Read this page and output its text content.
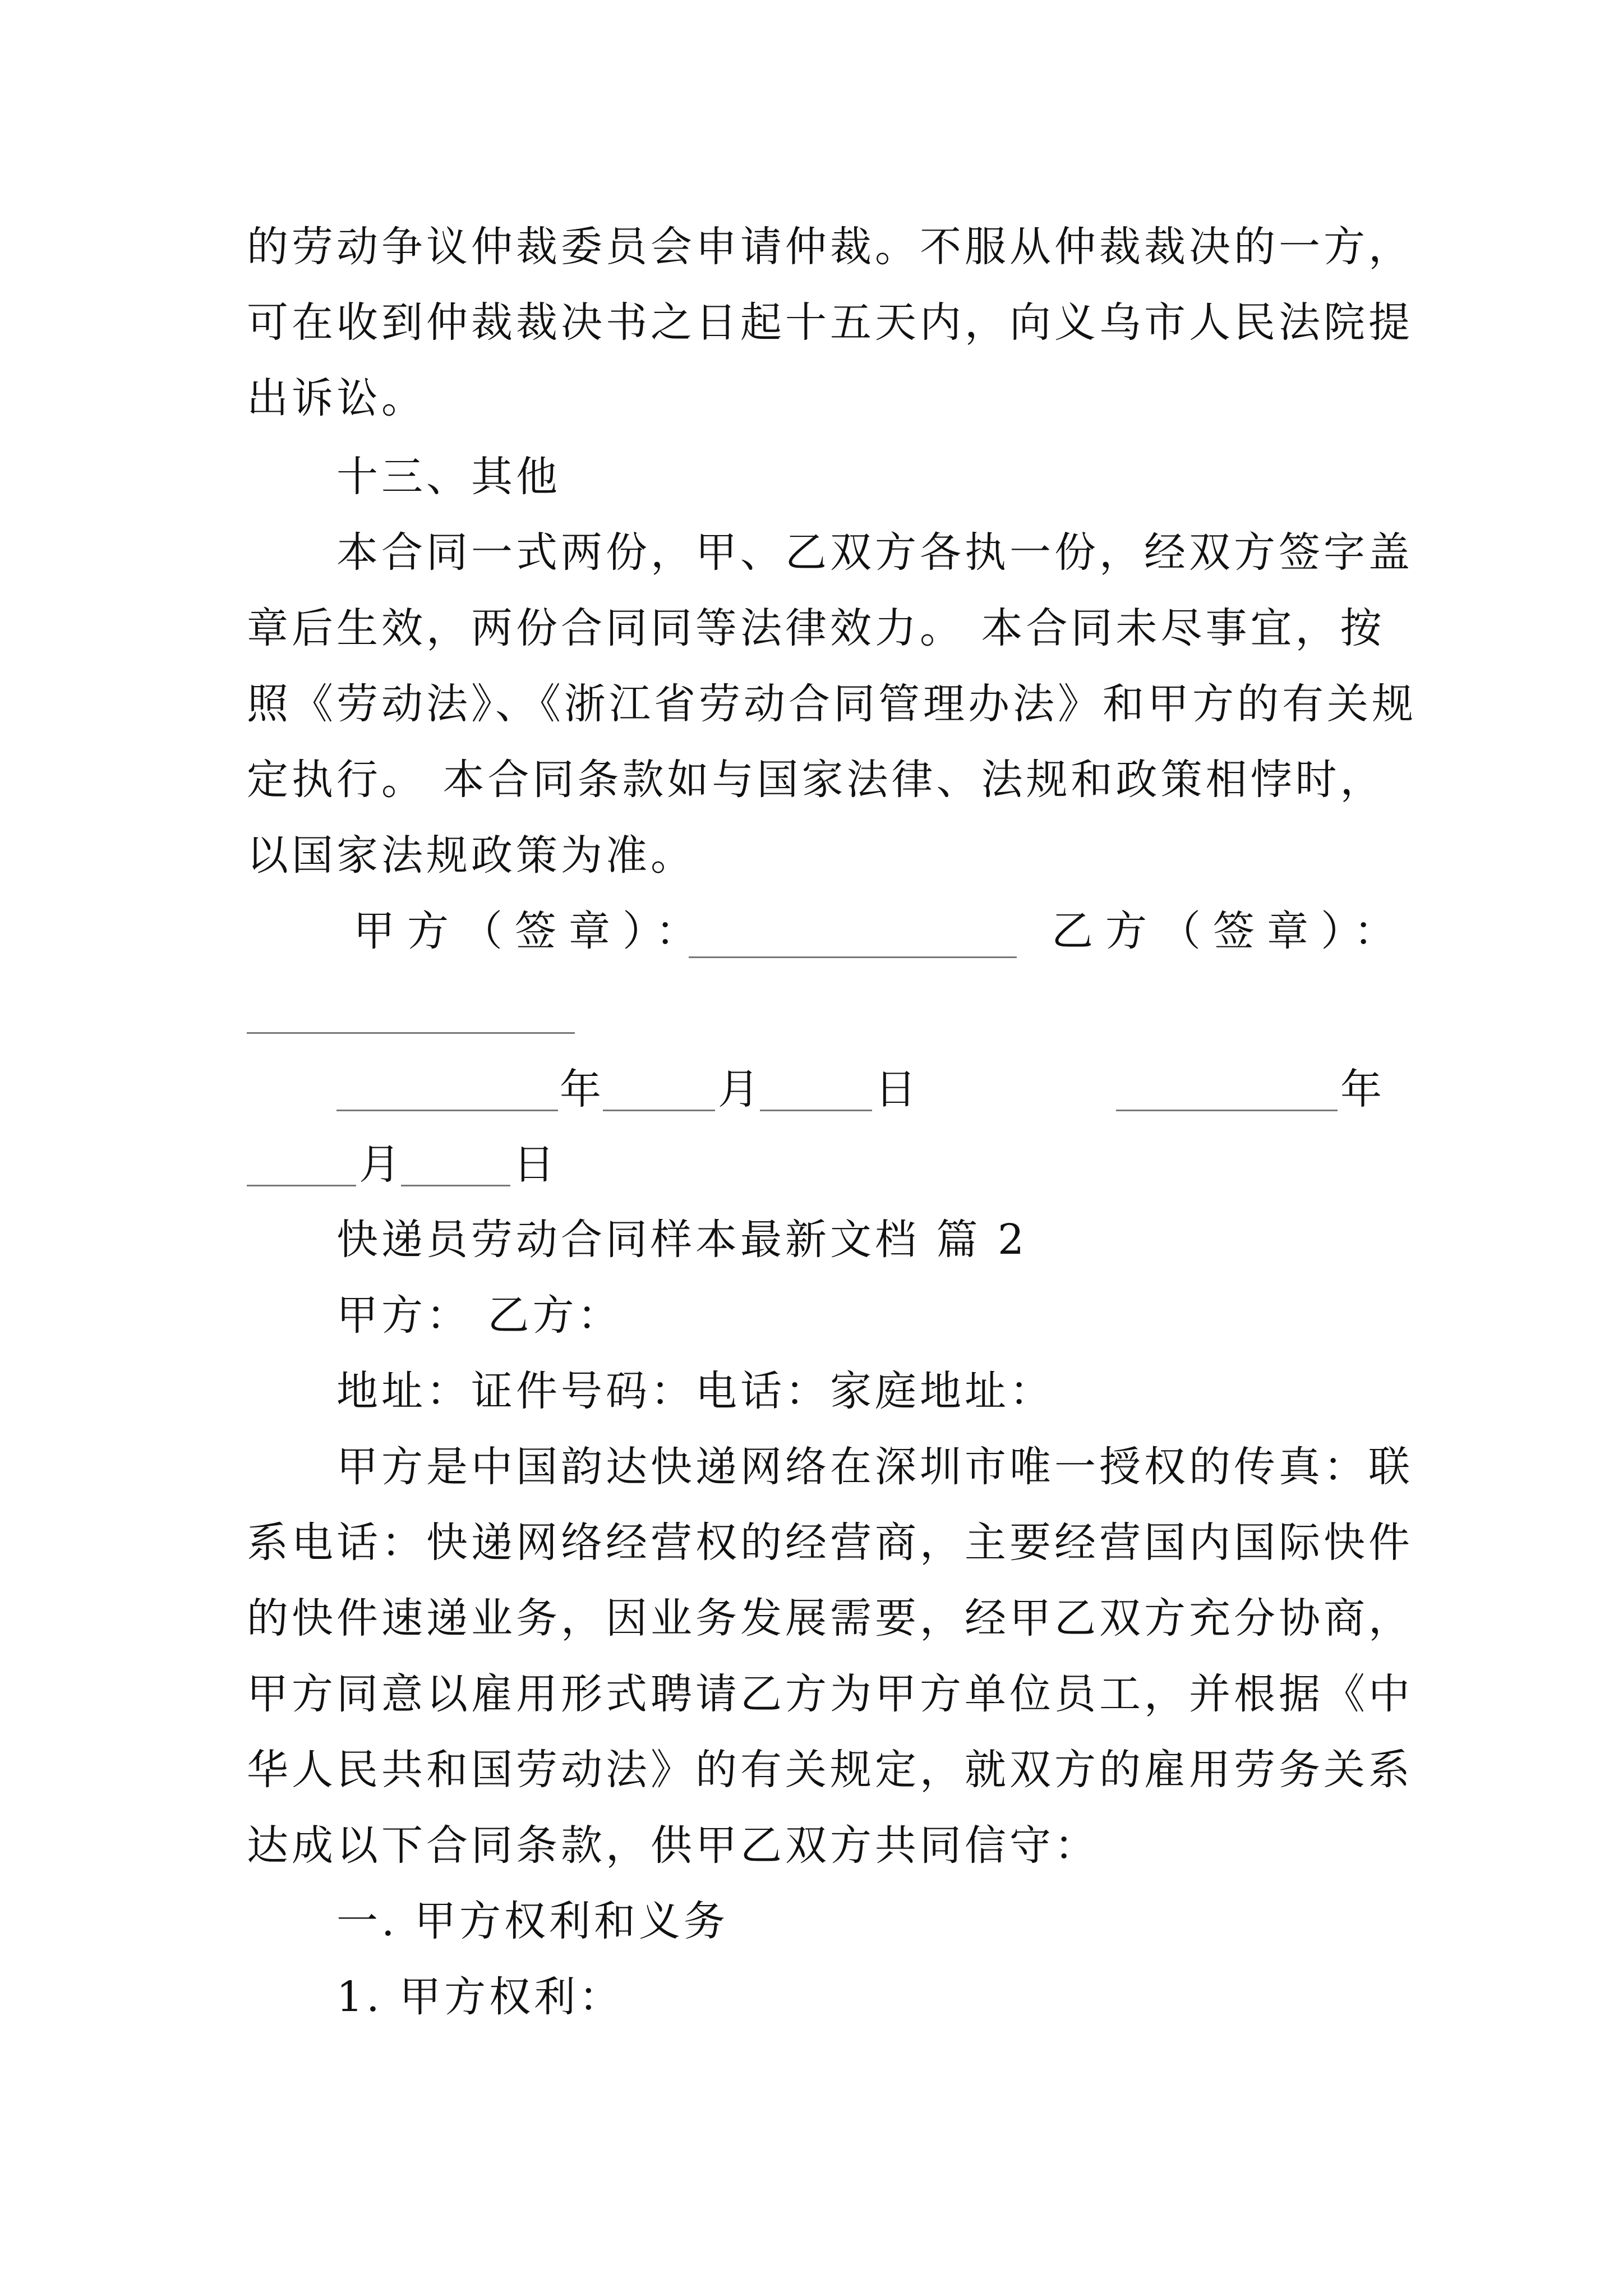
的劳动争议仲裁委员会申请仲裁。不服从仲裁裁决的一方，
可在收到仲裁裁决书之日起十五天内，向义乌市人民法院提
出诉讼。
十三、其他
本合同一式两份，甲、乙双方各执一份，经双方签字盖
章后生效，两份合同同等法律效力。 本合同未尽事宜，按
照《劳动法》、《浙江省劳动合同管理办法》和甲方的有关规
定执行。 本合同条款如与国家法律、法规和政策相悖时，
以国家法规政策为准。
甲方（签章）：	乙方（签章）：
年	月	日	年
月	日
快递员劳动合同样本最新文档 篇 2
甲方： 乙方：
地址：证件号码：电话：家庭地址：
甲方是中国韵达快递网络在深圳市唯一授权的传真：联
系电话：快递网络经营权的经营商，主要经营国内国际快件
的快件速递业务，因业务发展需要，经甲乙双方充分协商，
甲方同意以雇用形式聘请乙方为甲方单位员工，并根据《中
华人民共和国劳动法》的有关规定，就双方的雇用劳务关系
达成以下合同条款，供甲乙双方共同信守：
一. 甲方权利和义务
1. 甲方权利：
